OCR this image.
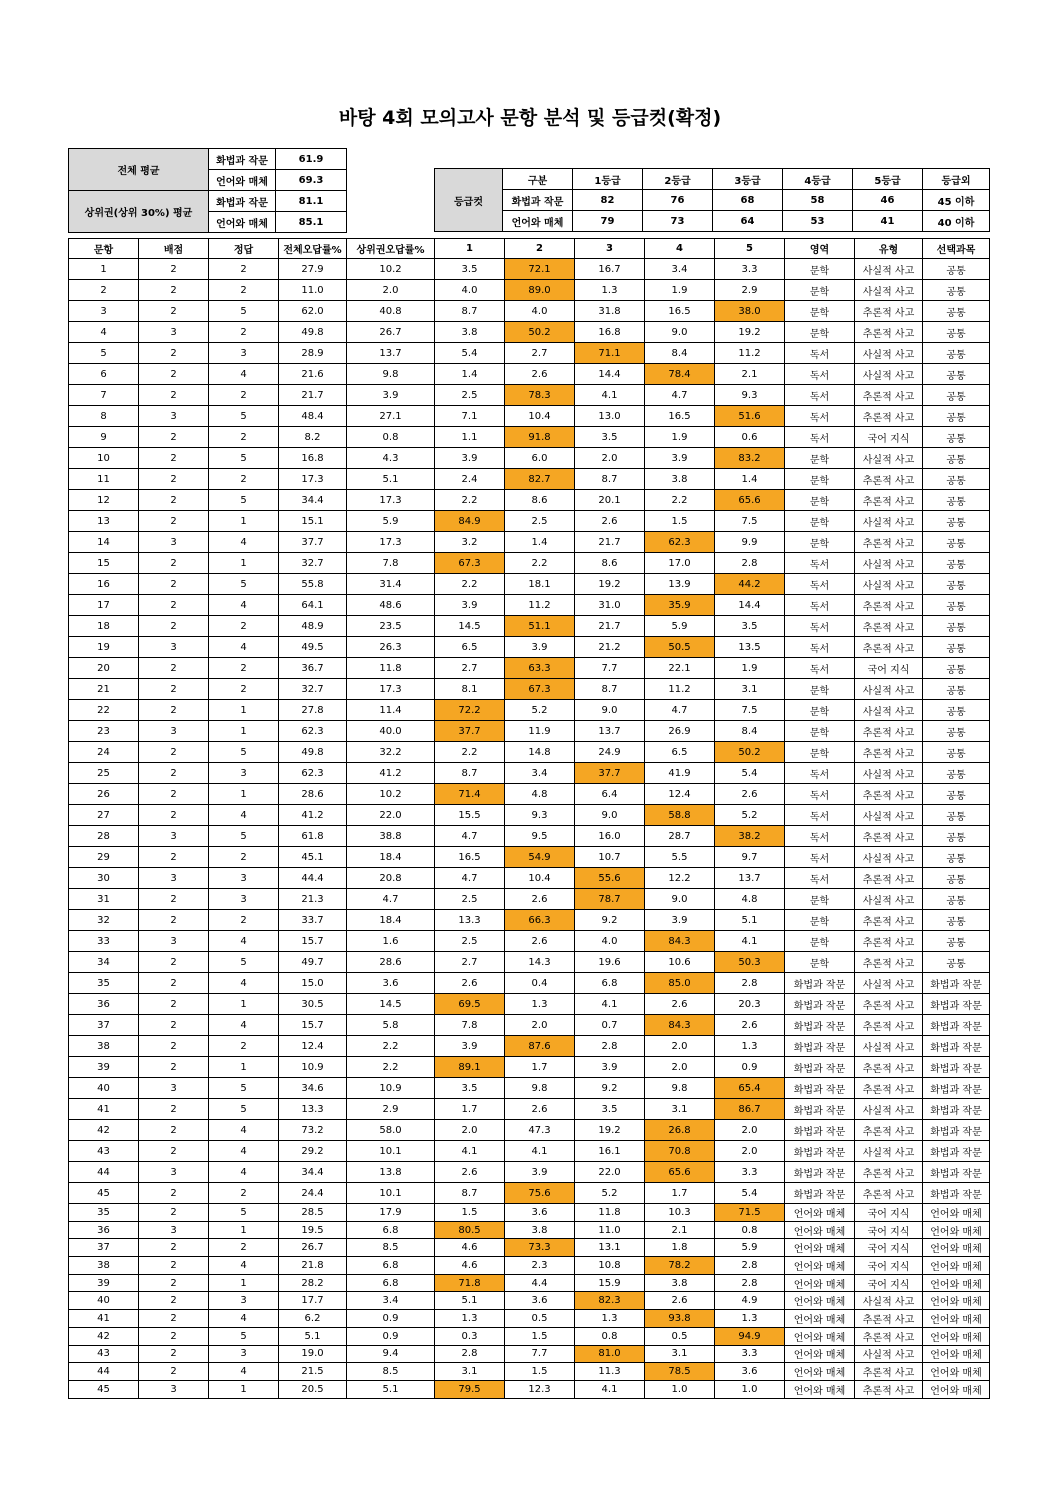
바탕 4회 모의고사 문항 분석 및 등급컷(확정)
전체 평균	화법과 작문	61.9
	언어와 매체	69.3
상위권(상위 30%) 평균	화법과 작문	81.1
	언어와 매체	85.1
등급컷	구분	1등급	2등급	3등급	4등급	5등급	등급외
	화법과 작문	82	76	68	58	46	45 이하
	언어와 매체	79	73	64	53	41	40 이하
문항	배점	정답	전체오답률%	상위권오답률%	1	2	3	4	5	영역	유형	선택과목
1	2	2	27.9	10.2	3.5	72.1	16.7	3.4	3.3	문학	사실적 사고	공통
2	2	2	11.0	2.0	4.0	89.0	1.3	1.9	2.9	문학	사실적 사고	공통
3	2	5	62.0	40.8	8.7	4.0	31.8	16.5	38.0	문학	추론적 사고	공통
4	3	2	49.8	26.7	3.8	50.2	16.8	9.0	19.2	문학	추론적 사고	공통
5	2	3	28.9	13.7	5.4	2.7	71.1	8.4	11.2	독서	사실적 사고	공통
6	2	4	21.6	9.8	1.4	2.6	14.4	78.4	2.1	독서	사실적 사고	공통
7	2	2	21.7	3.9	2.5	78.3	4.1	4.7	9.3	독서	추론적 사고	공통
8	3	5	48.4	27.1	7.1	10.4	13.0	16.5	51.6	독서	추론적 사고	공통
9	2	2	8.2	0.8	1.1	91.8	3.5	1.9	0.6	독서	국어 지식	공통
10	2	5	16.8	4.3	3.9	6.0	2.0	3.9	83.2	문학	사실적 사고	공통
11	2	2	17.3	5.1	2.4	82.7	8.7	3.8	1.4	문학	추론적 사고	공통
12	2	5	34.4	17.3	2.2	8.6	20.1	2.2	65.6	문학	추론적 사고	공통
13	2	1	15.1	5.9	84.9	2.5	2.6	1.5	7.5	문학	사실적 사고	공통
14	3	4	37.7	17.3	3.2	1.4	21.7	62.3	9.9	문학	추론적 사고	공통
15	2	1	32.7	7.8	67.3	2.2	8.6	17.0	2.8	독서	사실적 사고	공통
16	2	5	55.8	31.4	2.2	18.1	19.2	13.9	44.2	독서	사실적 사고	공통
17	2	4	64.1	48.6	3.9	11.2	31.0	35.9	14.4	독서	추론적 사고	공통
18	2	2	48.9	23.5	14.5	51.1	21.7	5.9	3.5	독서	추론적 사고	공통
19	3	4	49.5	26.3	6.5	3.9	21.2	50.5	13.5	독서	추론적 사고	공통
20	2	2	36.7	11.8	2.7	63.3	7.7	22.1	1.9	독서	국어 지식	공통
21	2	2	32.7	17.3	8.1	67.3	8.7	11.2	3.1	문학	사실적 사고	공통
22	2	1	27.8	11.4	72.2	5.2	9.0	4.7	7.5	문학	사실적 사고	공통
23	3	1	62.3	40.0	37.7	11.9	13.7	26.9	8.4	문학	추론적 사고	공통
24	2	5	49.8	32.2	2.2	14.8	24.9	6.5	50.2	문학	추론적 사고	공통
25	2	3	62.3	41.2	8.7	3.4	37.7	41.9	5.4	독서	사실적 사고	공통
26	2	1	28.6	10.2	71.4	4.8	6.4	12.4	2.6	독서	추론적 사고	공통
27	2	4	41.2	22.0	15.5	9.3	9.0	58.8	5.2	독서	사실적 사고	공통
28	3	5	61.8	38.8	4.7	9.5	16.0	28.7	38.2	독서	추론적 사고	공통
29	2	2	45.1	18.4	16.5	54.9	10.7	5.5	9.7	독서	사실적 사고	공통
30	3	3	44.4	20.8	4.7	10.4	55.6	12.2	13.7	독서	추론적 사고	공통
31	2	3	21.3	4.7	2.5	2.6	78.7	9.0	4.8	문학	사실적 사고	공통
32	2	2	33.7	18.4	13.3	66.3	9.2	3.9	5.1	문학	추론적 사고	공통
33	3	4	15.7	1.6	2.5	2.6	4.0	84.3	4.1	문학	추론적 사고	공통
34	2	5	49.7	28.6	2.7	14.3	19.6	10.6	50.3	문학	추론적 사고	공통
35	2	4	15.0	3.6	2.6	0.4	6.8	85.0	2.8	화법과 작문	사실적 사고	화법과 작문
36	2	1	30.5	14.5	69.5	1.3	4.1	2.6	20.3	화법과 작문	추론적 사고	화법과 작문
37	2	4	15.7	5.8	7.8	2.0	0.7	84.3	2.6	화법과 작문	추론적 사고	화법과 작문
38	2	2	12.4	2.2	3.9	87.6	2.8	2.0	1.3	화법과 작문	사실적 사고	화법과 작문
39	2	1	10.9	2.2	89.1	1.7	3.9	2.0	0.9	화법과 작문	추론적 사고	화법과 작문
40	3	5	34.6	10.9	3.5	9.8	9.2	9.8	65.4	화법과 작문	추론적 사고	화법과 작문
41	2	5	13.3	2.9	1.7	2.6	3.5	3.1	86.7	화법과 작문	사실적 사고	화법과 작문
42	2	4	73.2	58.0	2.0	47.3	19.2	26.8	2.0	화법과 작문	추론적 사고	화법과 작문
43	2	4	29.2	10.1	4.1	4.1	16.1	70.8	2.0	화법과 작문	사실적 사고	화법과 작문
44	3	4	34.4	13.8	2.6	3.9	22.0	65.6	3.3	화법과 작문	추론적 사고	화법과 작문
45	2	2	24.4	10.1	8.7	75.6	5.2	1.7	5.4	화법과 작문	추론적 사고	화법과 작문
35	2	5	28.5	17.9	1.5	3.6	11.8	10.3	71.5	언어와 매체	국어 지식	언어와 매체
36	3	1	19.5	6.8	80.5	3.8	11.0	2.1	0.8	언어와 매체	국어 지식	언어와 매체
37	2	2	26.7	8.5	4.6	73.3	13.1	1.8	5.9	언어와 매체	국어 지식	언어와 매체
38	2	4	21.8	6.8	4.6	2.3	10.8	78.2	2.8	언어와 매체	국어 지식	언어와 매체
39	2	1	28.2	6.8	71.8	4.4	15.9	3.8	2.8	언어와 매체	국어 지식	언어와 매체
40	2	3	17.7	3.4	5.1	3.6	82.3	2.6	4.9	언어와 매체	사실적 사고	언어와 매체
41	2	4	6.2	0.9	1.3	0.5	1.3	93.8	1.3	언어와 매체	추론적 사고	언어와 매체
42	2	5	5.1	0.9	0.3	1.5	0.8	0.5	94.9	언어와 매체	추론적 사고	언어와 매체
43	2	3	19.0	9.4	2.8	7.7	81.0	3.1	3.3	언어와 매체	사실적 사고	언어와 매체
44	2	4	21.5	8.5	3.1	1.5	11.3	78.5	3.6	언어와 매체	추론적 사고	언어와 매체
45	3	1	20.5	5.1	79.5	12.3	4.1	1.0	1.0	언어와 매체	추론적 사고	언어와 매체
